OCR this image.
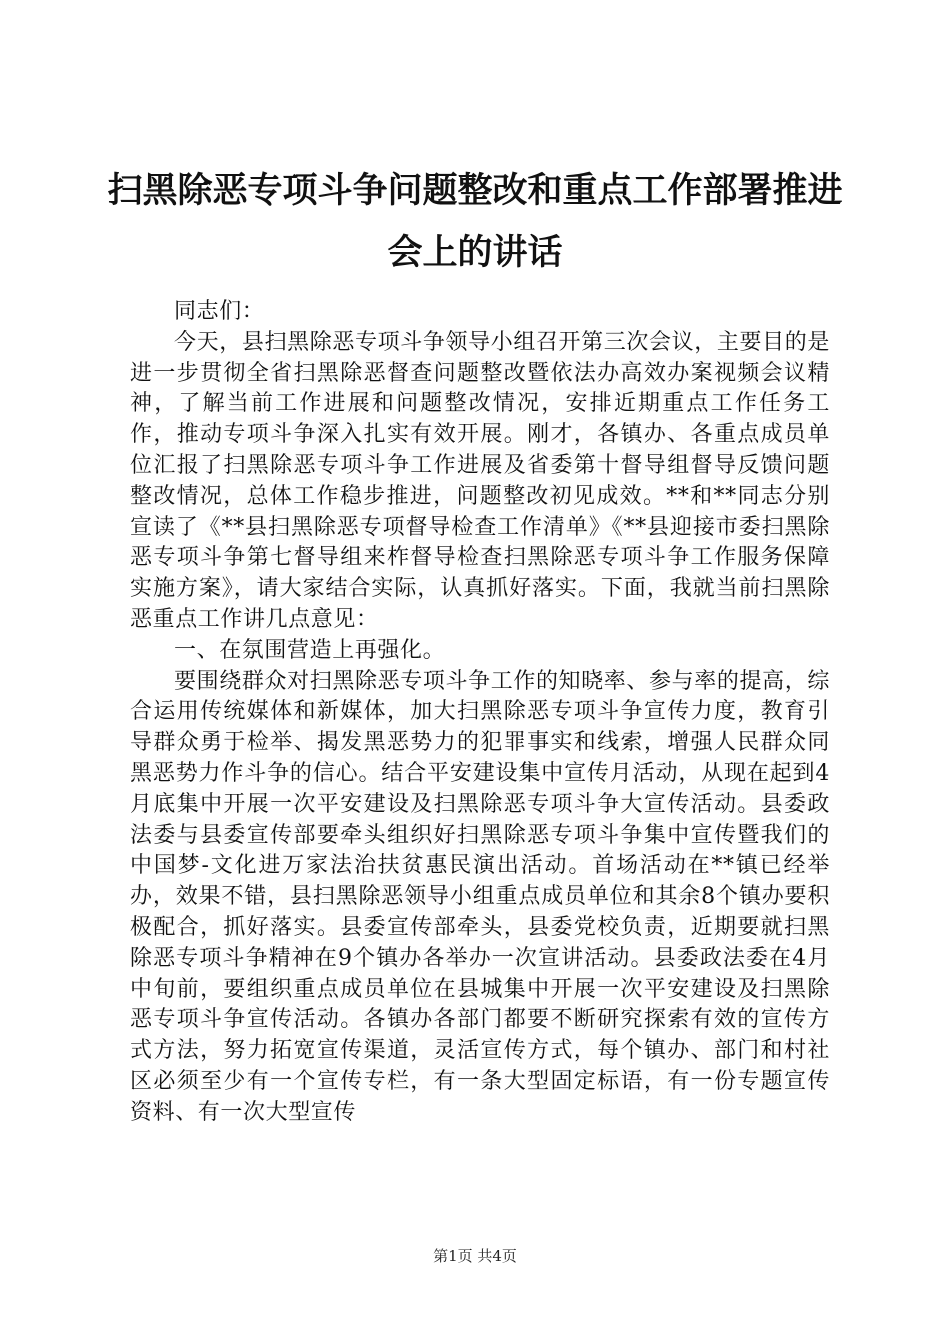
扫黑除恶专项斗争问题整改和重点工作部署推进会上的讲话

同志们：

今天，县扫黑除恶专项斗争领导小组召开第三次会议，主要目的是进一步贯彻全省扫黑除恶督查问题整改暨依法办高效办案视频会议精神，了解当前工作进展和问题整改情况，安排近期重点工作任务工作，推动专项斗争深入扎实有效开展。刚才，各镇办、各重点成员单位汇报了扫黑除恶专项斗争工作进展及省委第十督导组督导反馈问题整改情况，总体工作稳步推进，问题整改初见成效。**和**同志分别宣读了《**县扫黑除恶专项督导检查工作清单》《**县迎接市委扫黑除恶专项斗争第七督导组来柞督导检查扫黑除恶专项斗争工作服务保障实施方案》，请大家结合实际，认真抓好落实。下面，我就当前扫黑除恶重点工作讲几点意见：

一、在氛围营造上再强化。

要围绕群众对扫黑除恶专项斗争工作的知晓率、参与率的提高，综合运用传统媒体和新媒体，加大扫黑除恶专项斗争宣传力度，教育引导群众勇于检举、揭发黑恶势力的犯罪事实和线索，增强人民群众同黑恶势力作斗争的信心。结合平安建设集中宣传月活动，从现在起到4月底集中开展一次平安建设及扫黑除恶专项斗争大宣传活动。县委政法委与县委宣传部要牵头组织好扫黑除恶专项斗争集中宣传暨我们的中国梦-文化进万家法治扶贫惠民演出活动。首场活动在**镇已经举办，效果不错，县扫黑除恶领导小组重点成员单位和其余8个镇办要积极配合，抓好落实。县委宣传部牵头，县委党校负责，近期要就扫黑除恶专项斗争精神在9个镇办各举办一次宣讲活动。县委政法委在4月中旬前，要组织重点成员单位在县城集中开展一次平安建设及扫黑除恶专项斗争宣传活动。各镇办各部门都要不断研究探索有效的宣传方式方法，努力拓宽宣传渠道，灵活宣传方式，每个镇办、部门和村社区必须至少有一个宣传专栏，有一条大型固定标语，有一份专题宣传资料、有一次大型宣传

第1页 共4页
